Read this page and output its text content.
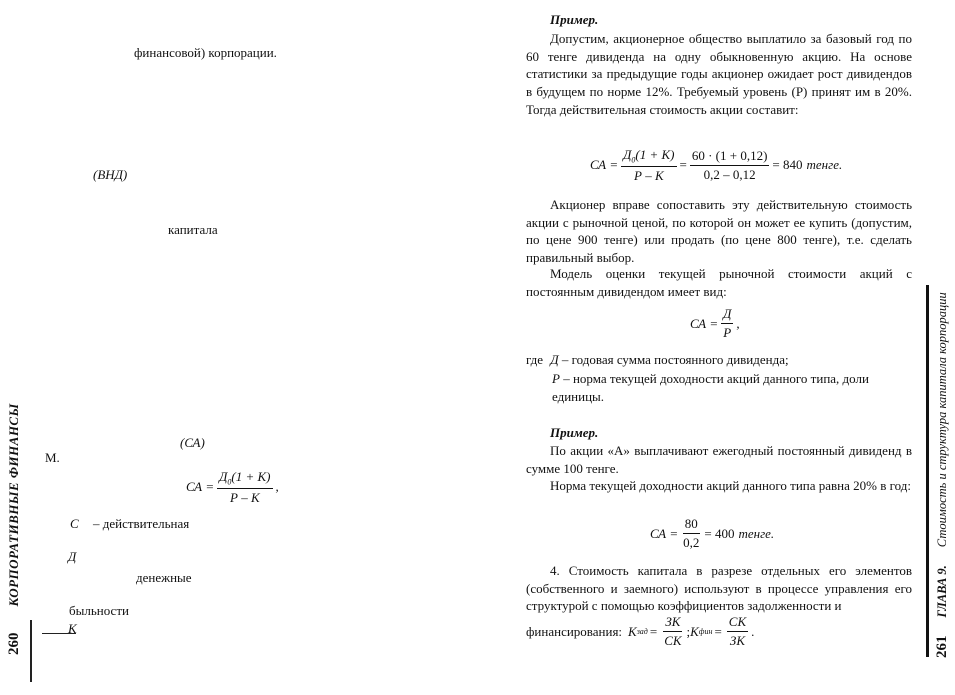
финансовой) корпорации.
(ВНД)
капитала
(СА)
М.
СА = $\frac{Д_0(1 + К)}{Р - К}$ ,
С – действительная
Д
денежные
быльности
К
260
КОРПОРАТИВНЫЕ ФИНАНСЫ
Пример.
Допустим, акционерное общество выплатило за базовый год по 60 тенге дивиденда на одну обыкновенную акцию. На основе статистики за предыдущие годы акционер ожидает рост дивидендов в будущем по норме 12%. Требуемый уровень (Р) принят им в 20%. Тогда действительная стоимость акции составит:
СА = $\frac{Д_0(1 + К)}{Р - К} = \frac{60 \cdot (1 + 0,12)}{0,2 - 0,12} = 840$ тенге.
Акционер вправе сопоставить эту действительную стоимость акции с рыночной ценой, по которой он может ее купить (допустим, по цене 900 тенге) или продать (по цене 800 тенге), т.е. сделать правильный выбор.
Модель оценки текущей рыночной стоимости акций с постоянным дивидендом имеет вид:
СА = $\frac{Д}{Р}$ ,
где Д – годовая сумма постоянного дивиденда;
Р – норма текущей доходности акций данного типа, доли единицы.
Пример.
По акции «А» выплачивают ежегодный постоянный дивиденд в сумме 100 тенге.
Норма текущей доходности акций данного типа равна 20% в год:
СА = $\frac{80}{0,2} = 400$ тенге.
4. Стоимость капитала в разрезе отдельных его элементов (собственного и заемного) используют в процессе управления его структурой с помощью коэффициентов задолженности и
финансирования: К зад = $\frac{ЗК}{СК}$ ; К фин = $\frac{СК}{ЗК}$ .
261
ГЛАВА 9.
Стоимость и структура капитала корпорации
